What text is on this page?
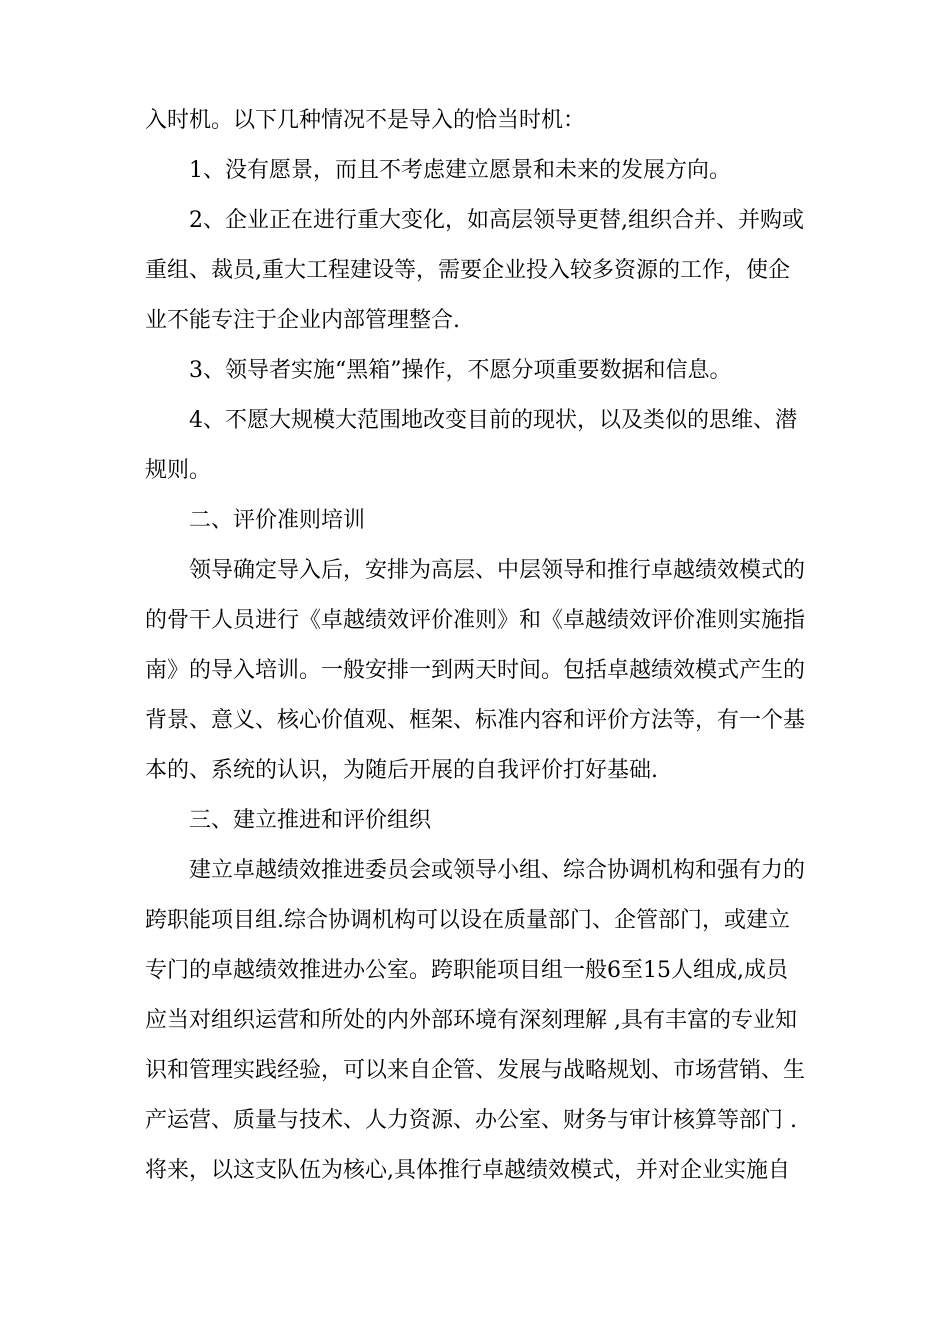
入时机。以下几种情况不是导入的恰当时机：
1、没有愿景，而且不考虑建立愿景和未来的发展方向。
2、企业正在进行重大变化，如高层领导更替,组织合并、并购或
重组、裁员,重大工程建设等，需要企业投入较多资源的工作，使企
业不能专注于企业内部管理整合.
3、领导者实施“黑箱”操作，不愿分项重要数据和信息。
4、不愿大规模大范围地改变目前的现状，以及类似的思维、潜
规则。
二、评价准则培训
领导确定导入后，安排为高层、中层领导和推行卓越绩效模式的
的骨干人员进行《卓越绩效评价准则》和《卓越绩效评价准则实施指
南》的导入培训。一般安排一到两天时间。包括卓越绩效模式产生的
背景、意义、核心价值观、框架、标准内容和评价方法等，有一个基
本的、系统的认识，为随后开展的自我评价打好基础.
三、建立推进和评价组织
建立卓越绩效推进委员会或领导小组、综合协调机构和强有力的
跨职能项目组.综合协调机构可以设在质量部门、企管部门，或建立
专门的卓越绩效推进办公室。跨职能项目组一般6至15人组成,成员
应当对组织运营和所处的内外部环境有深刻理解 ,具有丰富的专业知
识和管理实践经验，可以来自企管、发展与战略规划、市场营销、生
产运营、质量与技术、人力资源、办公室、财务与审计核算等部门 .
将来，以这支队伍为核心,具体推行卓越绩效模式，并对企业实施自
